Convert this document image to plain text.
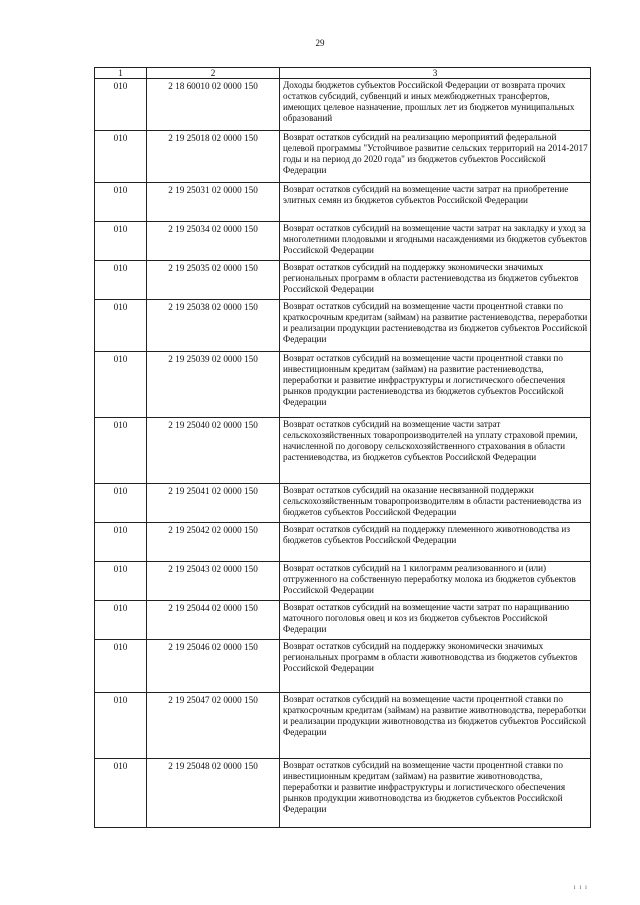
29
1	2	3
010	2 18 60010 02 0000 150	Доходы бюджетов субъектов Российской Федерации от возврата прочих остатков субсидий, субвенций и иных межбюджетных трансфертов, имеющих целевое назначение, прошлых лет из бюджетов муниципальных образований
010	2 19 25018 02 0000 150	Возврат остатков субсидий на реализацию мероприятий федеральной целевой программы "Устойчивое развитие сельских территорий на 2014-2017 годы и на период до 2020 года" из бюджетов субъектов Российской Федерации
010	2 19 25031 02 0000 150	Возврат остатков субсидий на возмещение части затрат на приобретение элитных семян из бюджетов субъектов Российской Федерации
010	2 19 25034 02 0000 150	Возврат остатков субсидий на возмещение части затрат на закладку и уход за многолетними плодовыми и ягодными насаждениями из бюджетов субъектов Российской Федерации
010	2 19 25035 02 0000 150	Возврат остатков субсидий на поддержку экономически значимых региональных программ в области растениеводства из бюджетов субъектов Российской Федерации
010	2 19 25038 02 0000 150	Возврат остатков субсидий на возмещение части процентной ставки по краткосрочным кредитам (займам) на развитие растениеводства, переработки и реализации продукции растениеводства из бюджетов субъектов Российской Федерации
010	2 19 25039 02 0000 150	Возврат остатков субсидий на возмещение части процентной ставки по инвестиционным кредитам (займам) на развитие растениеводства, переработки и развитие инфраструктуры и логистического обеспечения рынков продукции растениеводства из бюджетов субъектов Российской Федерации
010	2 19 25040 02 0000 150	Возврат остатков субсидий на возмещение части затрат сельскохозяйственных товаропроизводителей на уплату страховой премии, начисленной по договору сельскохозяйственного страхования в области растениеводства, из бюджетов субъектов Российской Федерации
010	2 19 25041 02 0000 150	Возврат остатков субсидий на оказание несвязанной поддержки сельскохозяйственным товаропроизводителям в области растениеводства из бюджетов субъектов Российской Федерации
010	2 19 25042 02 0000 150	Возврат остатков субсидий на поддержку племенного животноводства из бюджетов субъектов Российской Федерации
010	2 19 25043 02 0000 150	Возврат остатков субсидий на 1 килограмм реализованного и (или) отгруженного на собственную переработку молока из бюджетов субъектов Российской Федерации
010	2 19 25044 02 0000 150	Возврат остатков субсидий на возмещение части затрат по наращиванию маточного поголовья овец и коз из бюджетов субъектов Российской Федерации
010	2 19 25046 02 0000 150	Возврат остатков субсидий на поддержку экономически значимых региональных программ в области животноводства из бюджетов субъектов Российской Федерации
010	2 19 25047 02 0000 150	Возврат остатков субсидий на возмещение части процентной ставки по краткосрочным кредитам (займам) на развитие животноводства, переработки и реализации продукции животноводства из бюджетов субъектов Российской Федерации
010	2 19 25048 02 0000 150	Возврат остатков субсидий на возмещение части процентной ставки по инвестиционным кредитам (займам) на развитие животноводства, переработки и развитие инфраструктуры и логистического обеспечения рынков продукции животноводства из бюджетов субъектов Российской Федерации
ı ı ı
